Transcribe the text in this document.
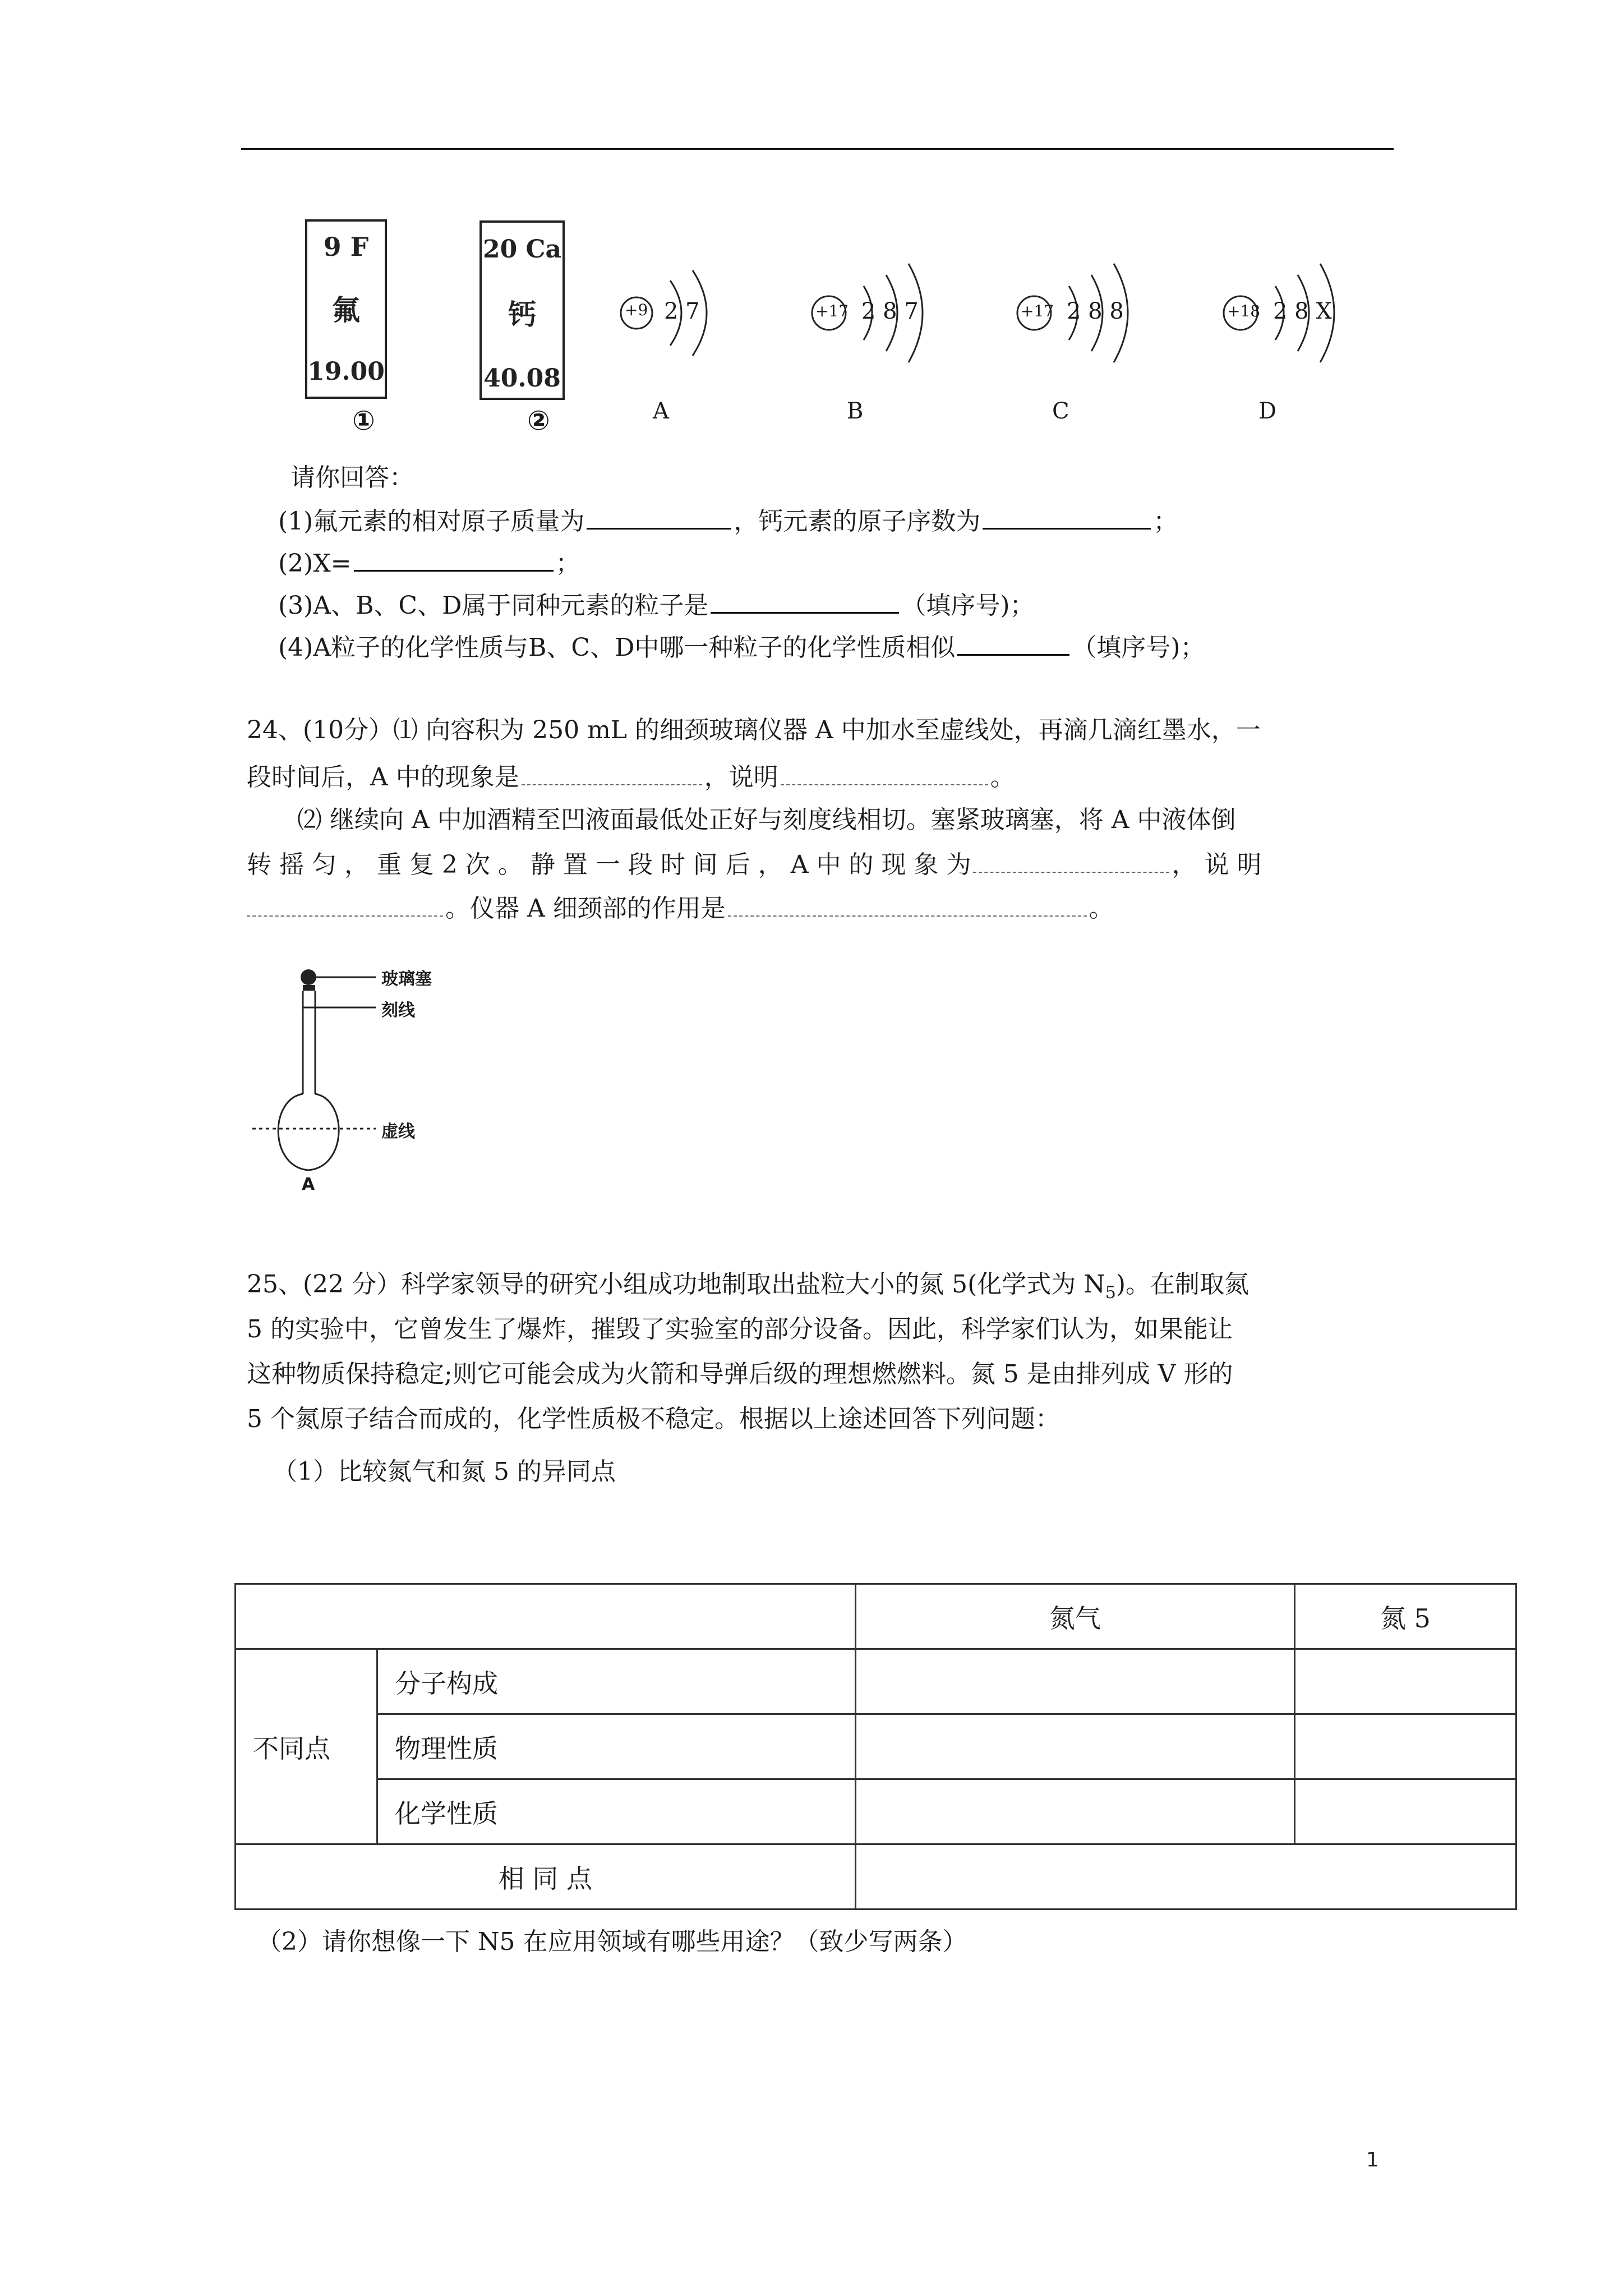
9 F
氟
19.00
①
20 Ca
钙
40.08
②
+9 2 7
A
+17 2 8 7
B
+17 2 8 8
C
+18 2 8 X
D
请你回答：
(1)氟元素的相对原子质量为	，钙元素的原子序数为	；
(2)X=	；
(3)A、B、C、D属于同种元素的粒子是	（填序号)；
(4)A粒子的化学性质与B、C、D中哪一种粒子的化学性质相似	（填序号)；
24、(10分）⑴ 向容积为 250 mL 的细颈玻璃仪器 A 中加水至虚线处，再滴几滴红墨水，一
段时间后，A 中的现象是	，说明	。
⑵ 继续向 A 中加酒精至凹液面最低处正好与刻度线相切。塞紧玻璃塞，将 A 中液体倒
转 摇 匀 ， 重 复 2 次 。 静 置 一 段 时 间 后 ， A 中 的 现 象 为	， 说 明
。仪器 A 细颈部的作用是	。
玻璃塞
刻线
虚线
A
25、(22 分）科学家领导的研究小组成功地制取出盐粒大小的氮 5(化学式为 $N_5$)。在制取氮
5 的实验中，它曾发生了爆炸，摧毁了实验室的部分设备。因此，科学家们认为，如果能让
这种物质保持稳定;则它可能会成为火箭和导弹后级的理想燃燃料。氮 5 是由排列成 V 形的
5 个氮原子结合而成的，化学性质极不稳定。根据以上途述回答下列问题：
（1）比较氮气和氮 5 的异同点
		氮气	氮 5
不同点	分子构成		
	物理性质		
	化学性质		
相 同 点			
（2）请你想像一下 N5 在应用领域有哪些用途？（致少写两条）
1
